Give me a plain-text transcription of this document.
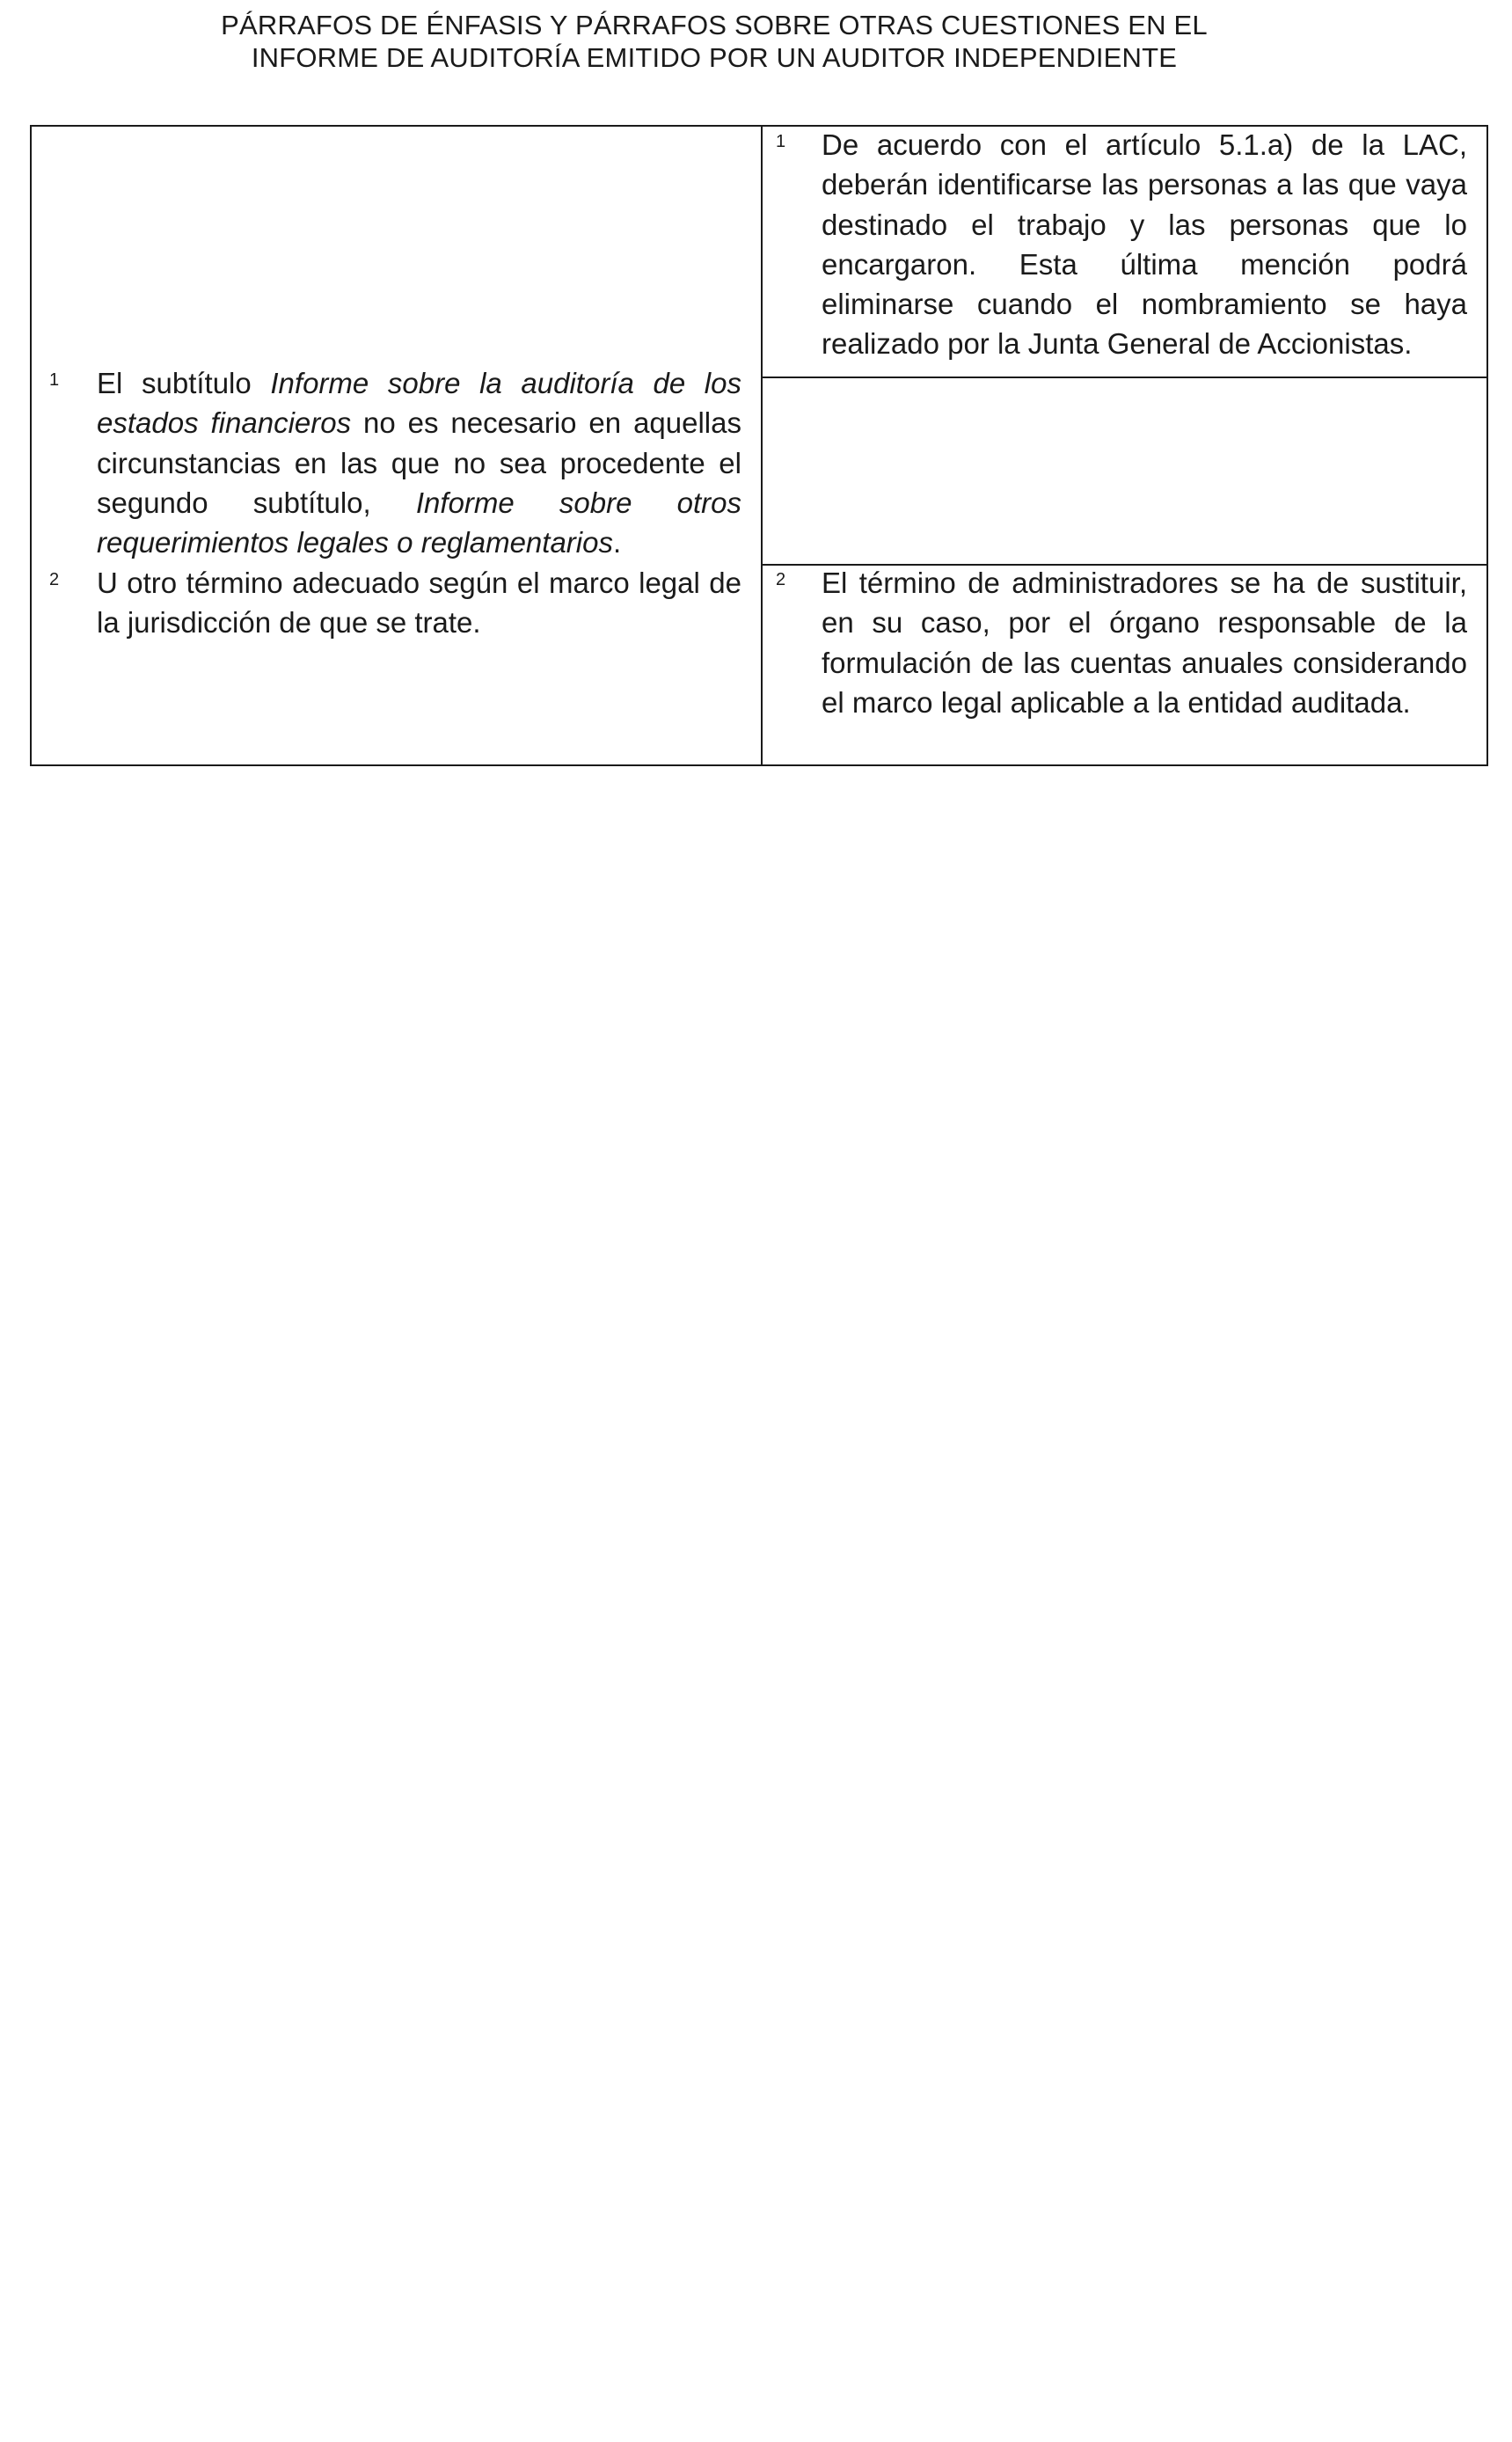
PÁRRAFOS DE ÉNFASIS Y PÁRRAFOS SOBRE OTRAS CUESTIONES EN EL
INFORME DE AUDITORÍA EMITIDO POR UN AUDITOR INDEPENDIENTE
1 El subtítulo Informe sobre la auditoría de los estados financieros no es necesario en aquellas circunstancias en las que no sea procedente el segundo subtítulo, Informe sobre otros requerimientos legales o reglamentarios.
2 U otro término adecuado según el marco legal de la jurisdicción de que se trate.
1 De acuerdo con el artículo 5.1.a) de la LAC, deberán identificarse las personas a las que vaya destinado el trabajo y las personas que lo encargaron. Esta última mención podrá eliminarse cuando el nombramiento se haya realizado por la Junta General de Accionistas.
2 El término de administradores se ha de sustituir, en su caso, por el órgano responsable de la formulación de las cuentas anuales considerando el marco legal aplicable a la entidad auditada.
